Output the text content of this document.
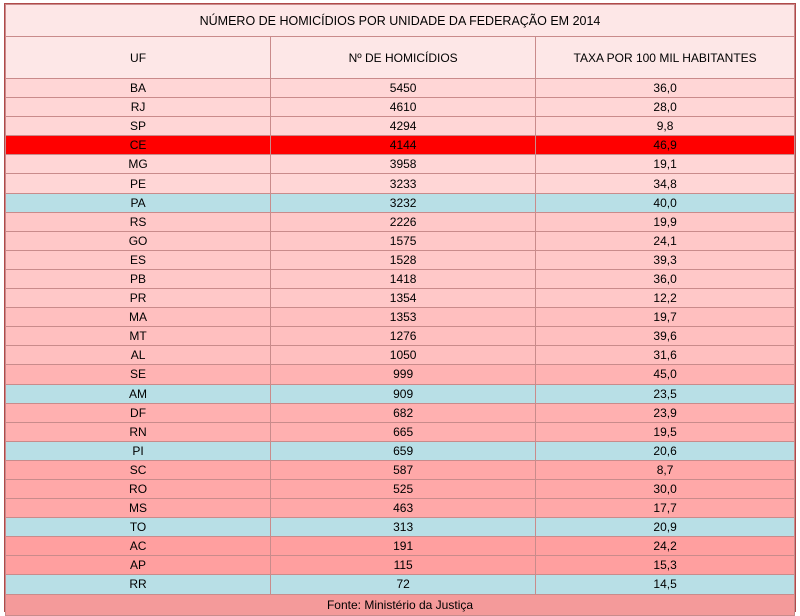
NÚMERO DE HOMICÍDIOS POR UNIDADE DA FEDERAÇÃO EM 2014		
UF	Nº DE HOMICÍDIOS	TAXA POR 100 MIL HABITANTES
BA	5450	36,0
RJ	4610	28,0
SP	4294	9,8
CE	4144	46,9
MG	3958	19,1
PE	3233	34,8
PA	3232	40,0
RS	2226	19,9
GO	1575	24,1
ES	1528	39,3
PB	1418	36,0
PR	1354	12,2
MA	1353	19,7
MT	1276	39,6
AL	1050	31,6
SE	999	45,0
AM	909	23,5
DF	682	23,9
RN	665	19,5
PI	659	20,6
SC	587	8,7
RO	525	30,0
MS	463	17,7
TO	313	20,9
AC	191	24,2
AP	115	15,3
RR	72	14,5
Fonte: Ministério da Justiça		
